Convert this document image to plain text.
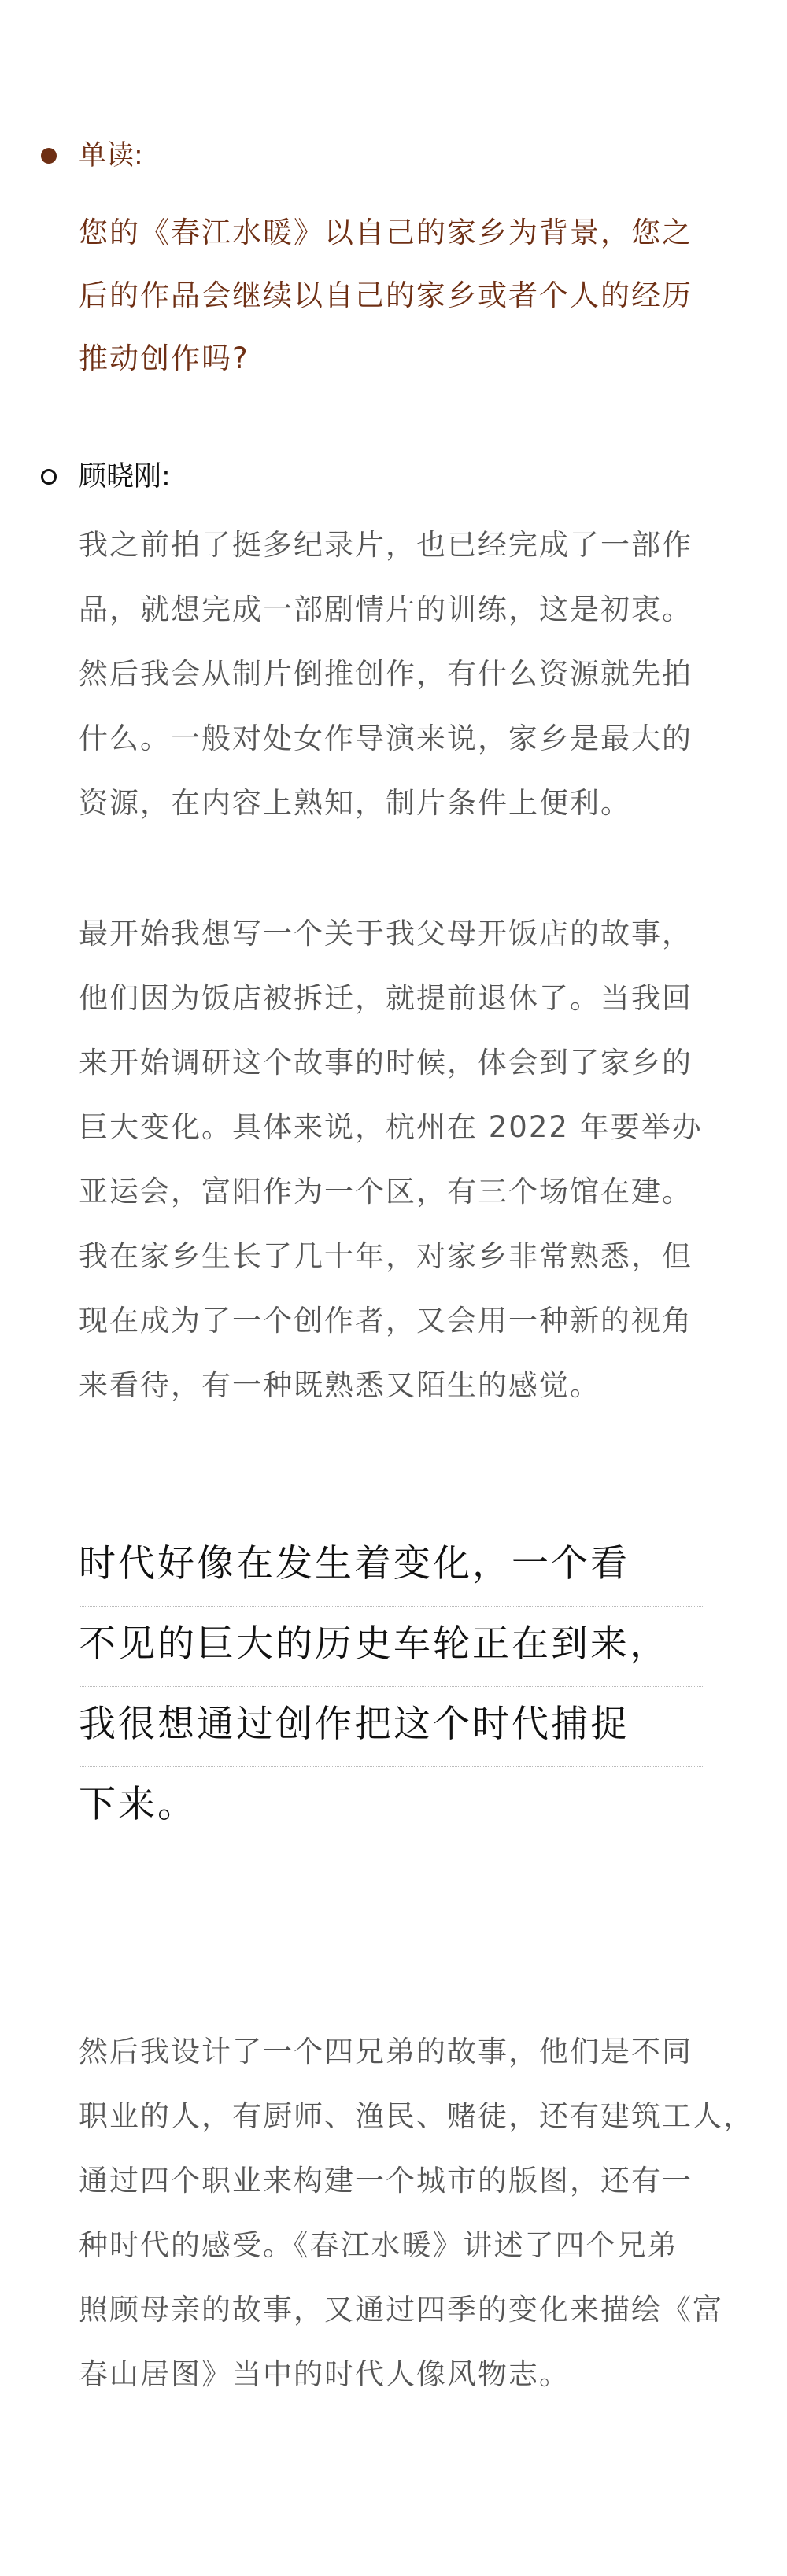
单读:

您的《春江水暖》以自己的家乡为背景，您之
后的作品会继续以自己的家乡或者个人的经历
推动创作吗?

顾晓刚:

我之前拍了挺多纪录片，也已经完成了一部作
品，就想完成一部剧情片的训练，这是初衷。
然后我会从制片倒推创作，有什么资源就先拍
什么。一般对处女作导演来说，家乡是最大的
资源，在内容上熟知，制片条件上便利。

最开始我想写一个关于我父母开饭店的故事，
他们因为饭店被拆迁，就提前退休了。当我回
来开始调研这个故事的时候，体会到了家乡的
巨大变化。具体来说，杭州在 2022 年要举办
亚运会，富阳作为一个区，有三个场馆在建。
我在家乡生长了几十年，对家乡非常熟悉，但
现在成为了一个创作者，又会用一种新的视角
来看待，有一种既熟悉又陌生的感觉。

时代好像在发生着变化，一个看
不见的巨大的历史车轮正在到来，
我很想通过创作把这个时代捕捉
下来。

然后我设计了一个四兄弟的故事，他们是不同
职业的人，有厨师、渔民、赌徒，还有建筑工人，
通过四个职业来构建一个城市的版图，还有一
种时代的感受。《春江水暖》讲述了四个兄弟
照顾母亲的故事，又通过四季的变化来描绘《富
春山居图》当中的时代人像风物志。
